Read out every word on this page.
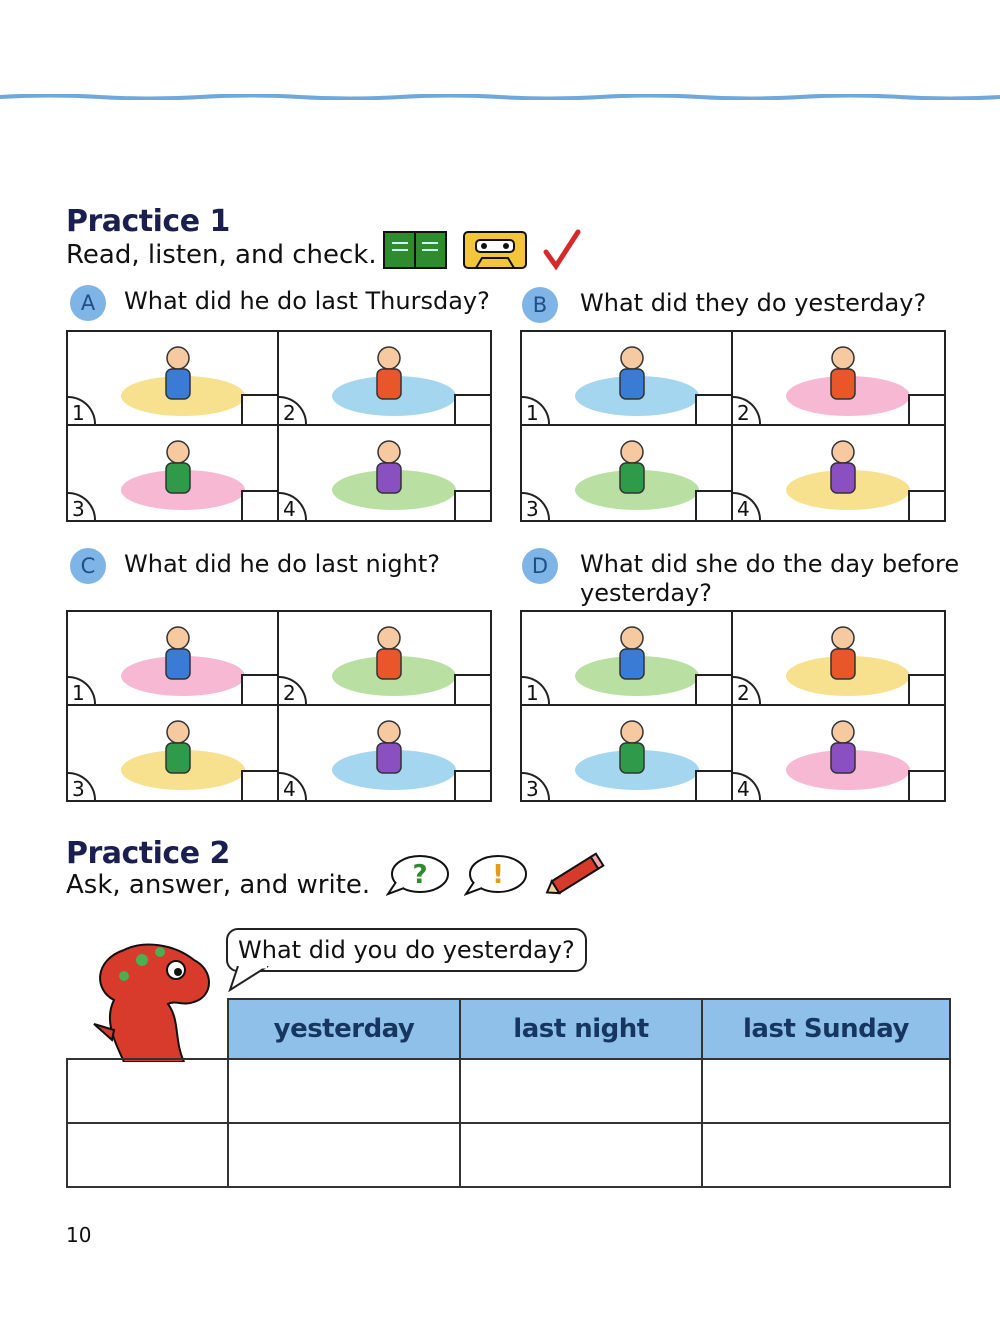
Practice 1
Read, listen, and check.
A	What did he do last Thursday?
1	2
3	4
B	What did they do yesterday?
1	2
3	4
C	What did he do last night?
1	2
3	4
D	What did she do the day before
yesterday?
1	2
3	4
Practice 2
Ask, answer, and write. ? !
What did you do yesterday?
	yesterday	last night	last Sunday

10
